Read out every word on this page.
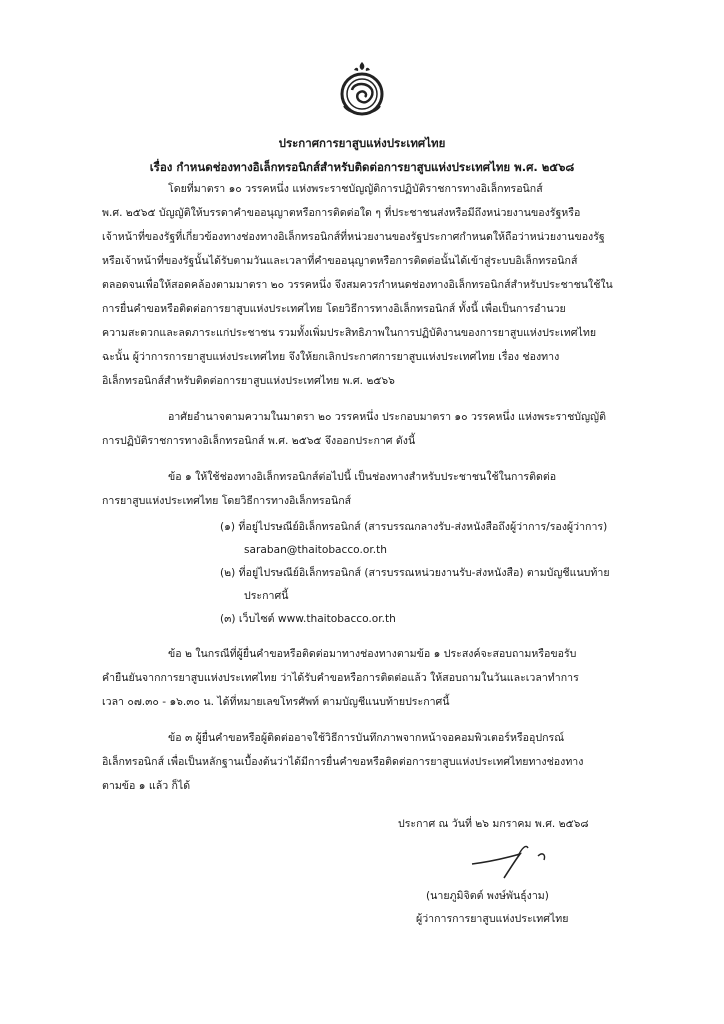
ประกาศการยาสูบแห่งประเทศไทย
เรื่อง กำหนดช่องทางอิเล็กทรอนิกส์สำหรับติดต่อการยาสูบแห่งประเทศไทย พ.ศ. ๒๕๖๘
โดยที่มาตรา ๑๐ วรรคหนึ่ง แห่งพระราชบัญญัติการปฏิบัติราชการทางอิเล็กทรอนิกส์
พ.ศ. ๒๕๖๕ บัญญัติให้บรรดาคำขออนุญาตหรือการติดต่อใด ๆ ที่ประชาชนส่งหรือมีถึงหน่วยงานของรัฐหรือ
เจ้าหน้าที่ของรัฐที่เกี่ยวข้องทางช่องทางอิเล็กทรอนิกส์ที่หน่วยงานของรัฐประกาศกำหนดให้ถือว่าหน่วยงานของรัฐ
หรือเจ้าหน้าที่ของรัฐนั้นได้รับตามวันและเวลาที่คำขออนุญาตหรือการติดต่อนั้นได้เข้าสู่ระบบอิเล็กทรอนิกส์
ตลอดจนเพื่อให้สอดคล้องตามมาตรา ๒๐ วรรคหนึ่ง จึงสมควรกำหนดช่องทางอิเล็กทรอนิกส์สำหรับประชาชนใช้ใน
การยื่นคำขอหรือติดต่อการยาสูบแห่งประเทศไทย โดยวิธีการทางอิเล็กทรอนิกส์ ทั้งนี้ เพื่อเป็นการอำนวย
ความสะดวกและลดภาระแก่ประชาชน รวมทั้งเพิ่มประสิทธิภาพในการปฏิบัติงานของการยาสูบแห่งประเทศไทย
ฉะนั้น ผู้ว่าการการยาสูบแห่งประเทศไทย จึงให้ยกเลิกประกาศการยาสูบแห่งประเทศไทย เรื่อง ช่องทาง
อิเล็กทรอนิกส์สำหรับติดต่อการยาสูบแห่งประเทศไทย พ.ศ. ๒๕๖๖
อาศัยอำนาจตามความในมาตรา ๒๐ วรรคหนึ่ง ประกอบมาตรา ๑๐ วรรคหนึ่ง แห่งพระราชบัญญัติ
การปฏิบัติราชการทางอิเล็กทรอนิกส์ พ.ศ. ๒๕๖๕ จึงออกประกาศ ดังนี้
ข้อ ๑ ให้ใช้ช่องทางอิเล็กทรอนิกส์ต่อไปนี้ เป็นช่องทางสำหรับประชาชนใช้ในการติดต่อ
การยาสูบแห่งประเทศไทย โดยวิธีการทางอิเล็กทรอนิกส์
(๑) ที่อยู่ไปรษณีย์อิเล็กทรอนิกส์ (สารบรรณกลางรับ-ส่งหนังสือถึงผู้ว่าการ/รองผู้ว่าการ)
saraban@thaitobacco.or.th
(๒) ที่อยู่ไปรษณีย์อิเล็กทรอนิกส์ (สารบรรณหน่วยงานรับ-ส่งหนังสือ) ตามบัญชีแนบท้าย
ประกาศนี้
(๓) เว็บไซต์ www.thaitobacco.or.th
ข้อ ๒ ในกรณีที่ผู้ยื่นคำขอหรือติดต่อมาทางช่องทางตามข้อ ๑ ประสงค์จะสอบถามหรือขอรับ
คำยืนยันจากการยาสูบแห่งประเทศไทย ว่าได้รับคำขอหรือการติดต่อแล้ว ให้สอบถามในวันและเวลาทำการ
เวลา ๐๗.๓๐ - ๑๖.๓๐ น. ได้ที่หมายเลขโทรศัพท์ ตามบัญชีแนบท้ายประกาศนี้
ข้อ ๓ ผู้ยื่นคำขอหรือผู้ติดต่ออาจใช้วิธีการบันทึกภาพจากหน้าจอคอมพิวเตอร์หรืออุปกรณ์
อิเล็กทรอนิกส์ เพื่อเป็นหลักฐานเบื้องต้นว่าได้มีการยื่นคำขอหรือติดต่อการยาสูบแห่งประเทศไทยทางช่องทาง
ตามข้อ ๑ แล้ว ก็ได้
ประกาศ ณ วันที่ ๒๖ มกราคม พ.ศ. ๒๕๖๘
(นายภูมิจิตต์ พงษ์พันธุ์งาม)
ผู้ว่าการการยาสูบแห่งประเทศไทย
